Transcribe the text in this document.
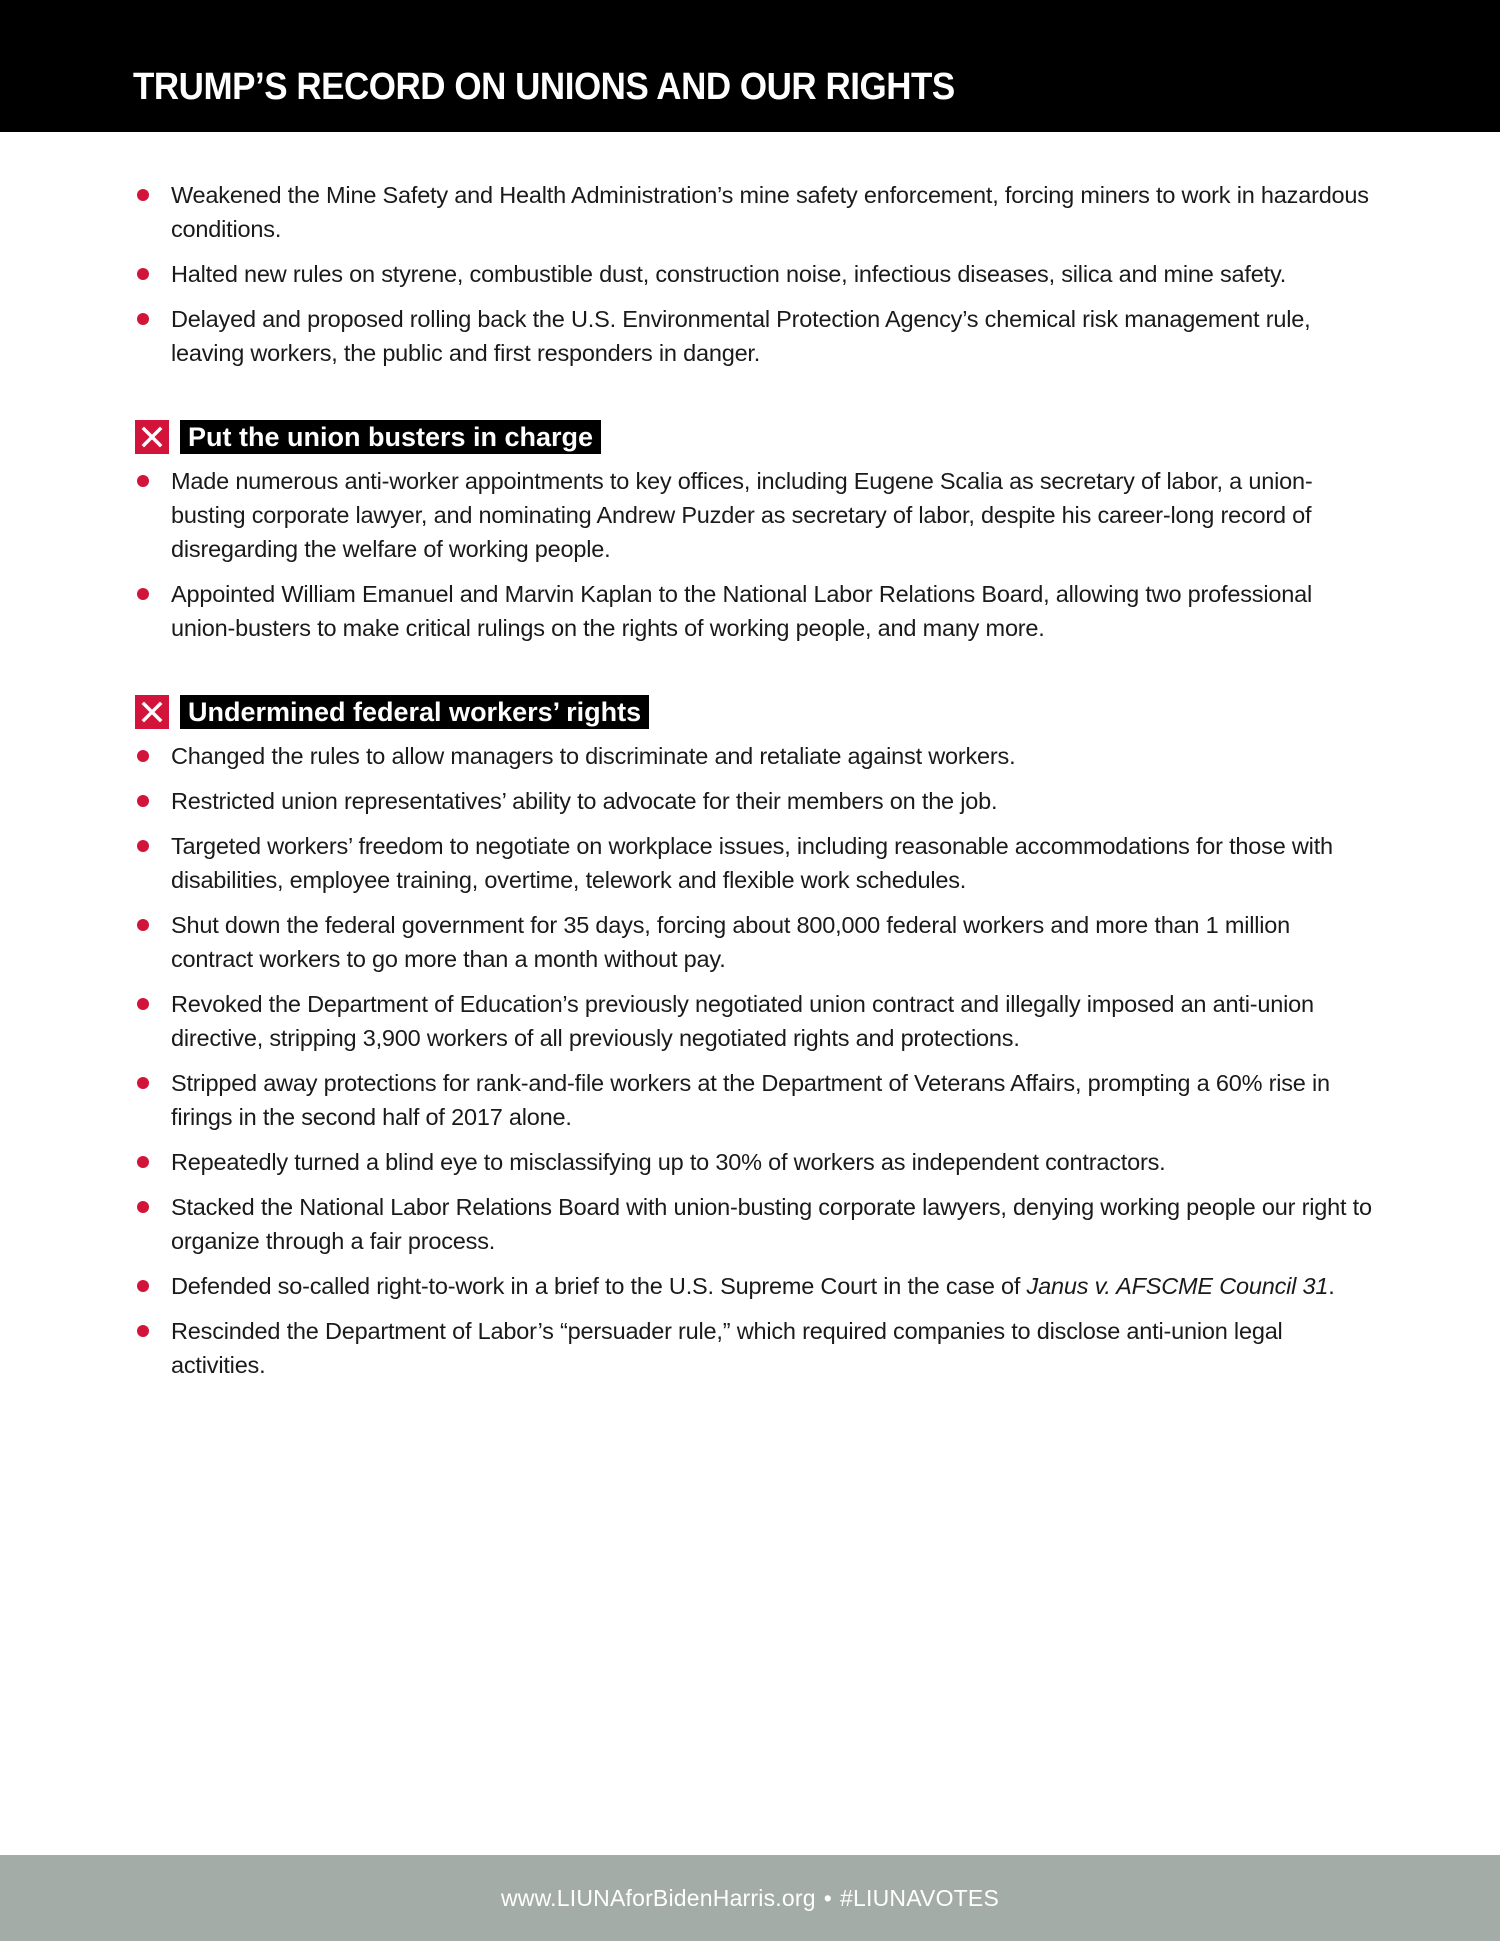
TRUMP’S RECORD ON UNIONS AND OUR RIGHTS
Weakened the Mine Safety and Health Administration’s mine safety enforcement, forcing miners to work in hazardous conditions.
Halted new rules on styrene, combustible dust, construction noise, infectious diseases, silica and mine safety.
Delayed and proposed rolling back the U.S. Environmental Protection Agency’s chemical risk management rule, leaving workers, the public and first responders in danger.
Put the union busters in charge
Made numerous anti-worker appointments to key offices, including Eugene Scalia as secretary of labor, a union-busting corporate lawyer, and nominating Andrew Puzder as secretary of labor, despite his career-long record of disregarding the welfare of working people.
Appointed William Emanuel and Marvin Kaplan to the National Labor Relations Board, allowing two professional union-busters to make critical rulings on the rights of working people, and many more.
Undermined federal workers’ rights
Changed the rules to allow managers to discriminate and retaliate against workers.
Restricted union representatives’ ability to advocate for their members on the job.
Targeted workers’ freedom to negotiate on workplace issues, including reasonable accommodations for those with disabilities, employee training, overtime, telework and flexible work schedules.
Shut down the federal government for 35 days, forcing about 800,000 federal workers and more than 1 million contract workers to go more than a month without pay.
Revoked the Department of Education’s previously negotiated union contract and illegally imposed an anti-union directive, stripping 3,900 workers of all previously negotiated rights and protections.
Stripped away protections for rank-and-file workers at the Department of Veterans Affairs, prompting a 60% rise in firings in the second half of 2017 alone.
Repeatedly turned a blind eye to misclassifying up to 30% of workers as independent contractors.
Stacked the National Labor Relations Board with union-busting corporate lawyers, denying working people our right to organize through a fair process.
Defended so-called right-to-work in a brief to the U.S. Supreme Court in the case of Janus v. AFSCME Council 31.
Rescinded the Department of Labor’s “persuader rule,” which required companies to disclose anti-union legal activities.
www.LIUNAforBidenHarris.org • #LIUNAVOTES
